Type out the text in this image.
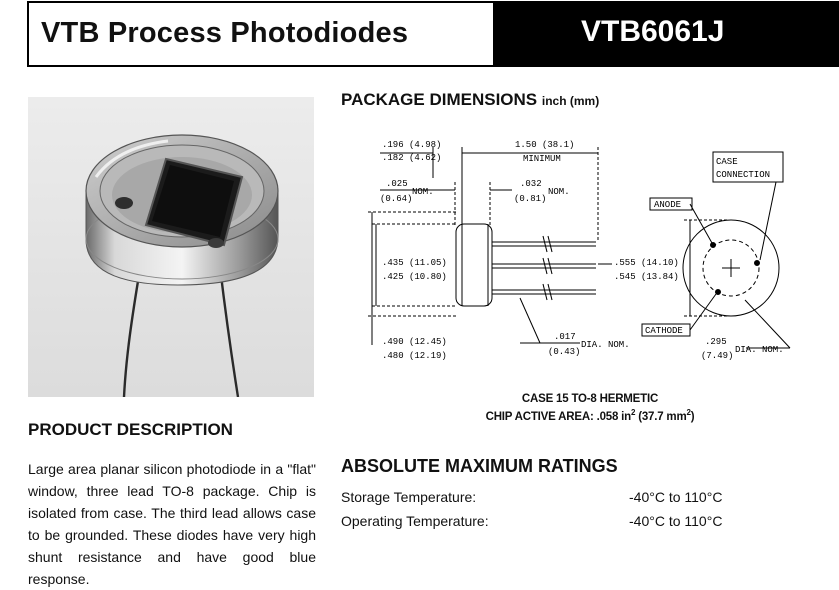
VTB Process Photodiodes	VTB6061J
PACKAGE DIMENSIONS inch (mm)
.196 (4.98)
.182 (4.62)
1.50 (38.1)
MINIMUM
.025
(0.64)
NOM.
.032
(0.81)
NOM.
.435 (11.05)
.425 (10.80)
.490 (12.45)
.480 (12.19)
.017
(0.43)
DIA. NOM.
.555 (14.10)
.545 (13.84)
.295
(7.49)
DIA. NOM.
CASE
CONNECTION
ANODE
CATHODE
CASE 15 TO-8 HERMETIC
CHIP ACTIVE AREA: .058 $in^2$ (37.7 $mm^2$)
PRODUCT DESCRIPTION

Large area planar silicon photodiode in a "flat" window, three lead TO-8 package. Chip is isolated from case. The third lead allows case to be grounded. These diodes have very high shunt resistance and have good blue response.

ABSOLUTE MAXIMUM RATINGS
Storage Temperature:	-40°C to 110°C
Operating Temperature:	-40°C to 110°C
